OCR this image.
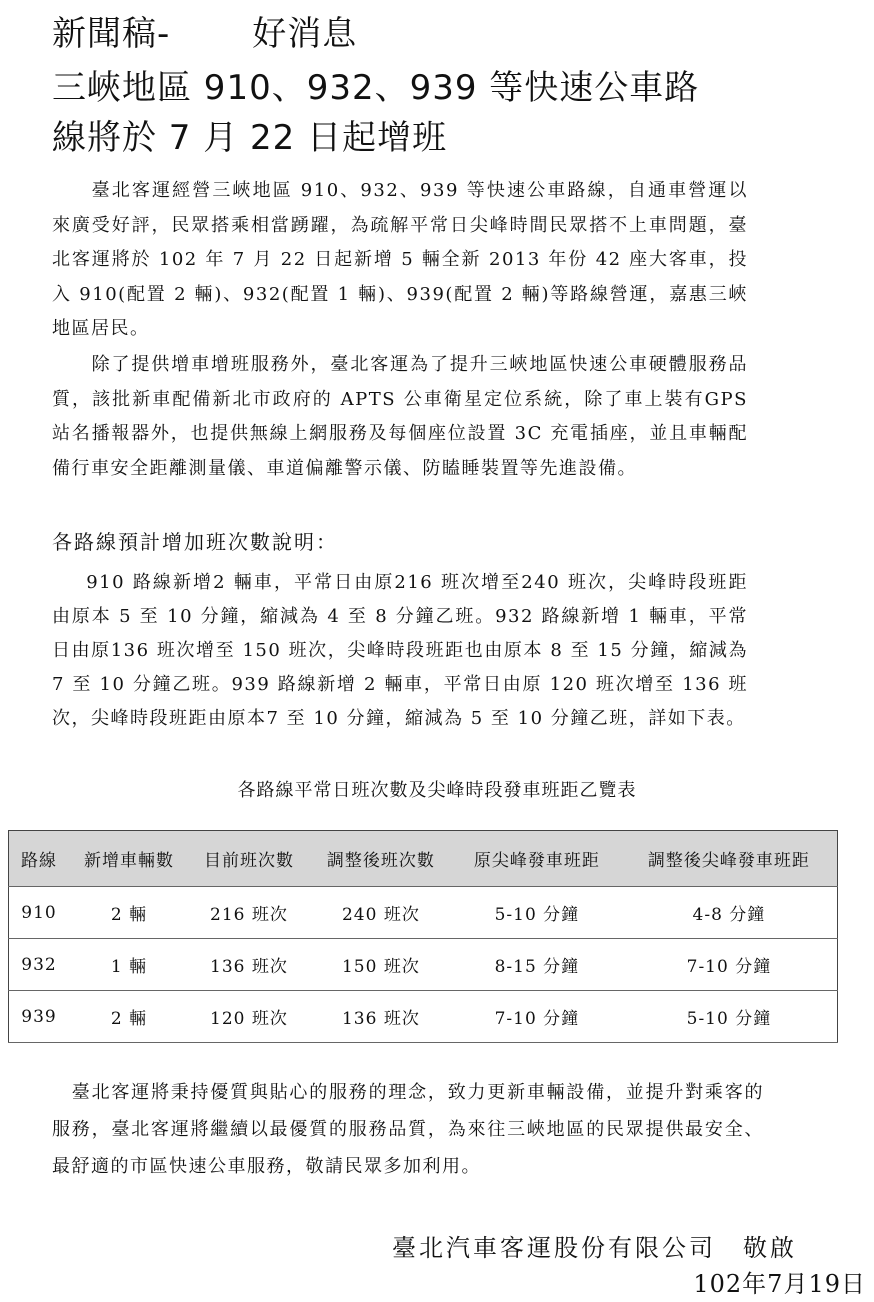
新聞稿- 好消息
三峽地區 910、932、939 等快速公車路
線將於 7 月 22 日起增班

臺北客運經營三峽地區 910、932、939 等快速公車路線，自通車營運以來廣受好評，民眾搭乘相當踴躍，為疏解平常日尖峰時間民眾搭不上車問題，臺北客運將於 102 年 7 月 22 日起新增 5 輛全新 2013 年份 42 座大客車，投入 910(配置 2 輛)、932(配置 1 輛)、939(配置 2 輛)等路線營運，嘉惠三峽地區居民。

除了提供增車增班服務外，臺北客運為了提升三峽地區快速公車硬體服務品質，該批新車配備新北市政府的 APTS 公車衛星定位系統，除了車上裝有GPS 站名播報器外，也提供無線上網服務及每個座位設置 3C 充電插座，並且車輛配備行車安全距離測量儀、車道偏離警示儀、防瞌睡裝置等先進設備。

各路線預計增加班次數說明：

910 路線新增2 輛車，平常日由原216 班次增至240 班次，尖峰時段班距由原本 5 至 10 分鐘，縮減為 4 至 8 分鐘乙班。932 路線新增 1 輛車，平常日由原136 班次增至 150 班次，尖峰時段班距也由原本 8 至 15 分鐘，縮減為 7 至 10 分鐘乙班。939 路線新增 2 輛車，平常日由原 120 班次增至 136 班次，尖峰時段班距由原本7 至 10 分鐘，縮減為 5 至 10 分鐘乙班，詳如下表。

各路線平常日班次數及尖峰時段發車班距乙覽表

路線	新增車輛數	目前班次數	調整後班次數	原尖峰發車班距	調整後尖峰發車班距
910	2 輛	216 班次	240 班次	5-10 分鐘	4-8 分鐘
932	1 輛	136 班次	150 班次	8-15 分鐘	7-10 分鐘
939	2 輛	120 班次	136 班次	7-10 分鐘	5-10 分鐘

臺北客運將秉持優質與貼心的服務的理念，致力更新車輛設備，並提升對乘客的服務，臺北客運將繼續以最優質的服務品質，為來往三峽地區的民眾提供最安全、最舒適的市區快速公車服務，敬請民眾多加利用。

臺北汽車客運股份有限公司　敬啟

102年7月19日
